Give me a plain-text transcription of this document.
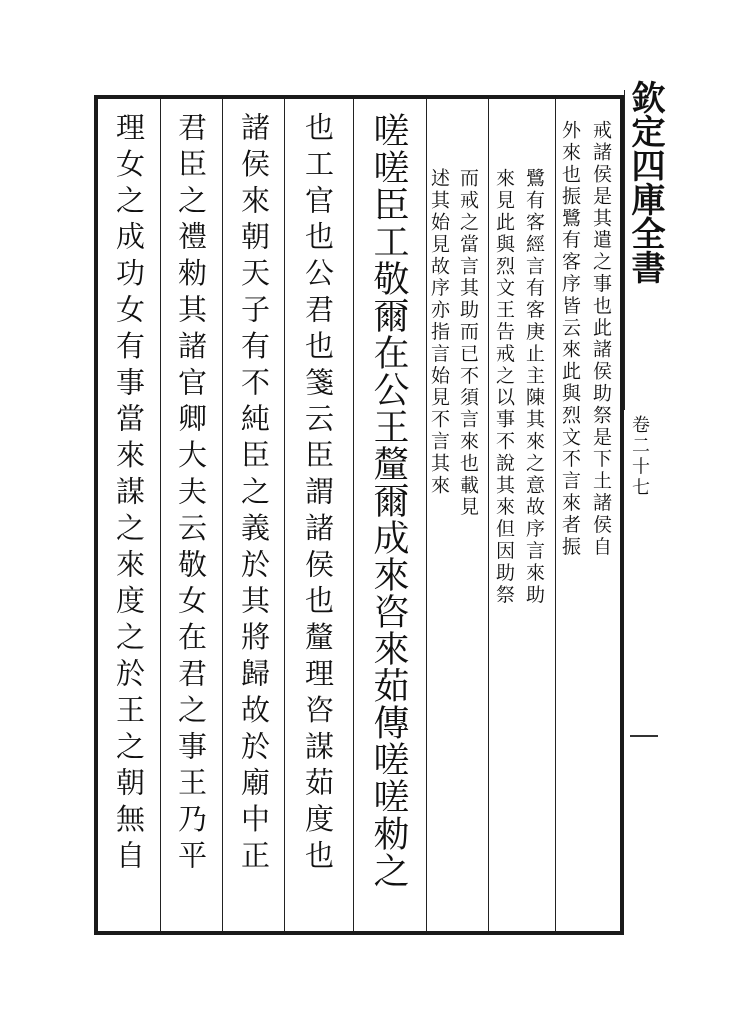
欽定四庫全書
卷二十七
戒諸侯是其遣之事也此諸侯助祭是下土諸侯自
外來也振鷺有客序皆云來此與烈文不言來者振
鷺有客經言有客庚止主陳其來之意故序言來助
來見此與烈文王告戒之以事不說其來但因助祭
而戒之當言其助而已不須言來也載見
述其始見故序亦指言始見不言其來
嗟嗟臣工敬爾在公王釐爾成來咨來茹傳嗟嗟勑之
也工官也公君也箋云臣謂諸侯也釐理咨謀茹度也
諸侯來朝天子有不純臣之義於其將歸故於廟中正
君臣之禮勑其諸官卿大夫云敬女在君之事王乃平
理女之成功女有事當來謀之來度之於王之朝無自
